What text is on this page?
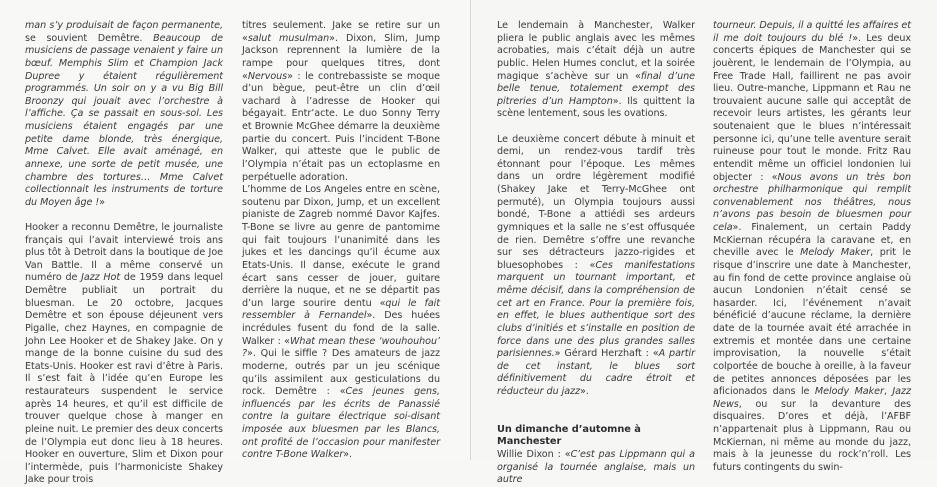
man s’y produisait de façon permanente, se souvient Demêtre. Beaucoup de musiciens de passage venaient y faire un bœuf. Memphis Slim et Champion Jack Dupree y étaient régulièrement programmés. Un soir on y a vu Big Bill Broonzy qui jouait avec l’orchestre à l’affiche. Ça se passait en sous-sol. Les musiciens étaient engagés par une petite dame blonde, très énergique, Mme Calvet. Elle avait aménagé, en annexe, une sorte de petit musée, une chambre des tortures… Mme Calvet collectionnait les instruments de torture du Moyen âge !»

Hooker a reconnu Demêtre, le journaliste français qui l’avait interviewé trois ans plus tôt à Detroit dans la boutique de Joe Van Battle. Il a même conservé un numéro de Jazz Hot de 1959 dans lequel Demêtre publiait un portrait du bluesman. Le 20 octobre, Jacques Demêtre et son épouse déjeunent vers Pigalle, chez Haynes, en compagnie de John Lee Hooker et de Shakey Jake. On y mange de la bonne cuisine du sud des Etats-Unis. Hooker est ravi d’être à Paris. Il s’est fait à l’idée qu’en Europe les restaurateurs suspendent le service après 14 heures, et qu’il est difficile de trouver quelque chose à manger en pleine nuit. Le premier des deux concerts de l’Olympia eut donc lieu à 18 heures. Hooker en ouverture, Slim et Dixon pour l’intermède, puis l’harmoniciste Shakey Jake pour trois

titres seulement. Jake se retire sur un «salut musulman». Dixon, Slim, Jump Jackson reprennent la lumière de la rampe pour quelques titres, dont «Nervous» : le contrebassiste se moque d’un bègue, peut-être un clin d’œil vachard à l’adresse de Hooker qui bégayait. Entr’acte. Le duo Sonny Terry et Brownie McGhee démarre la deuxième partie du concert. Puis l’incident T-Bone Walker, qui atteste que le public de l’Olympia n’était pas un ectoplasme en perpétuelle adoration.

L’homme de Los Angeles entre en scène, soutenu par Dixon, Jump, et un excellent pianiste de Zagreb nommé Davor Kajfes. T-Bone se livre au genre de pantomime qui fait toujours l’unanimité dans les jukes et les dancings qu’il écume aux Etats-Unis. Il danse, exécute le grand écart sans cesser de jouer, guitare derrière la nuque, et ne se départit pas d’un large sourire dentu «qui le fait ressembler à Fernandel». Des huées incrédules fusent du fond de la salle. Walker : «What mean these ‘wouhouhou’ ?». Qui le siffle ? Des amateurs de jazz moderne, outrés par un jeu scénique qu’ils assimilent aux gesticulations du rock. Demêtre : «Ces jeunes gens, influencés par les écrits de Panassié contre la guitare électrique soi-disant imposée aux bluesmen par les Blancs, ont profité de l’occasion pour manifester contre T-Bone Walker».

Le lendemain à Manchester, Walker pliera le public anglais avec les mêmes acrobaties, mais c’était déjà un autre public. Helen Humes conclut, et la soirée magique s’achève sur un «final d’une belle tenue, totalement exempt des pitreries d’un Hampton». Ils quittent la scène lentement, sous les ovations.

Le deuxième concert débute à minuit et demi, un rendez-vous tardif très étonnant pour l’époque. Les mêmes dans un ordre légèrement modifié (Shakey Jake et Terry-McGhee ont permuté), un Olympia toujours aussi bondé, T-Bone a attiédi ses ardeurs gymniques et la salle ne s’est offusquée de rien. Demêtre s’offre une revanche sur ses détracteurs jazzo-rigides et bluesophobes : «Ces manifestations marquent un tournant important, et même décisif, dans la compréhension de cet art en France. Pour la première fois, en effet, le blues authentique sort des clubs d’initiés et s’installe en position de force dans une des plus grandes salles parisiennes.» Gérard Herzhaft : «A partir de cet instant, le blues sort définitivement du cadre étroit et réducteur du jazz».

Un dimanche d’automne à Manchester

Willie Dixon : «C’est pas Lippmann qui a organisé la tournée anglaise, mais un autre

tourneur. Depuis, il a quitté les affaires et il me doit toujours du blé !». Les deux concerts épiques de Manchester qui se jouèrent, le lendemain de l’Olympia, au Free Trade Hall, faillirent ne pas avoir lieu. Outre-manche, Lippmann et Rau ne trouvaient aucune salle qui acceptât de recevoir leurs artistes, les gérants leur soutenaient que le blues n’intéressait personne ici, qu’une telle aventure serait ruineuse pour tout le monde. Fritz Rau entendit même un officiel londonien lui objecter : «Nous avons un très bon orchestre philharmonique qui remplit convenablement nos théâtres, nous n’avons pas besoin de bluesmen pour cela». Finalement, un certain Paddy McKiernan récupéra la caravane et, en cheville avec le Melody Maker, prit le risque d’inscrire une date à Manchester, au fin fond de cette province anglaise où aucun Londonien n’était censé se hasarder. Ici, l’événement n’avait bénéficié d’aucune réclame, la dernière date de la tournée avait été arrachée in extremis et montée dans une certaine improvisation, la nouvelle s’était colportée de bouche à oreille, à la faveur de petites annonces déposées par les aficionados dans le Melody Maker, Jazz News, ou sur la devanture des disquaires. D’ores et déjà, l’AFBF n’appartenait plus à Lippmann, Rau ou McKiernan, ni même au monde du jazz, mais à la jeunesse du rock’n’roll. Les futurs contingents du swin-
